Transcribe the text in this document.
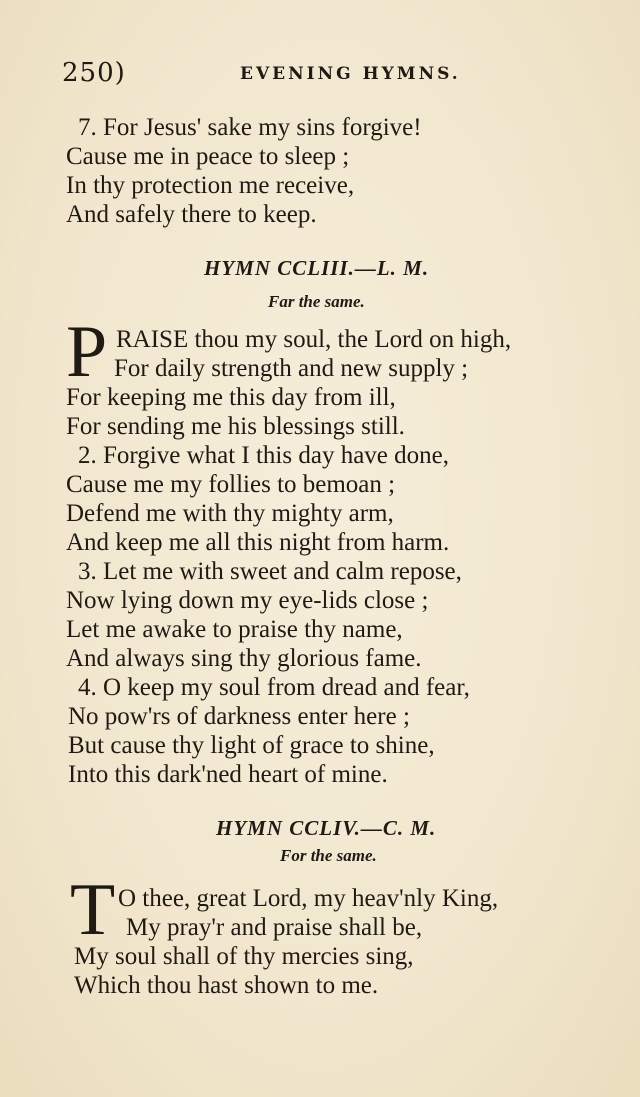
250)	EVENING HYMNS.
7. For Jesus' sake my sins forgive!
Cause me in peace to sleep ;
In thy protection me receive,
And safely there to keep.
HYMN CCLIII.—L. M.
Far the same.
P RAISE thou my soul, the Lord on high,
For daily strength and new supply ;
For keeping me this day from ill,
For sending me his blessings still.
2. Forgive what I this day have done,
Cause me my follies to bemoan ;
Defend me with thy mighty arm,
And keep me all this night from harm.
3. Let me with sweet and calm repose,
Now lying down my eye-lids close ;
Let me awake to praise thy name,
And always sing thy glorious fame.
4. O keep my soul from dread and fear,
No pow'rs of darkness enter here ;
But cause thy light of grace to shine,
Into this dark'ned heart of mine.
HYMN CCLIV.—C. M.
For the same.
T O thee, great Lord, my heav'nly King,
My pray'r and praise shall be,
My soul shall of thy mercies sing,
Which thou hast shown to me.
